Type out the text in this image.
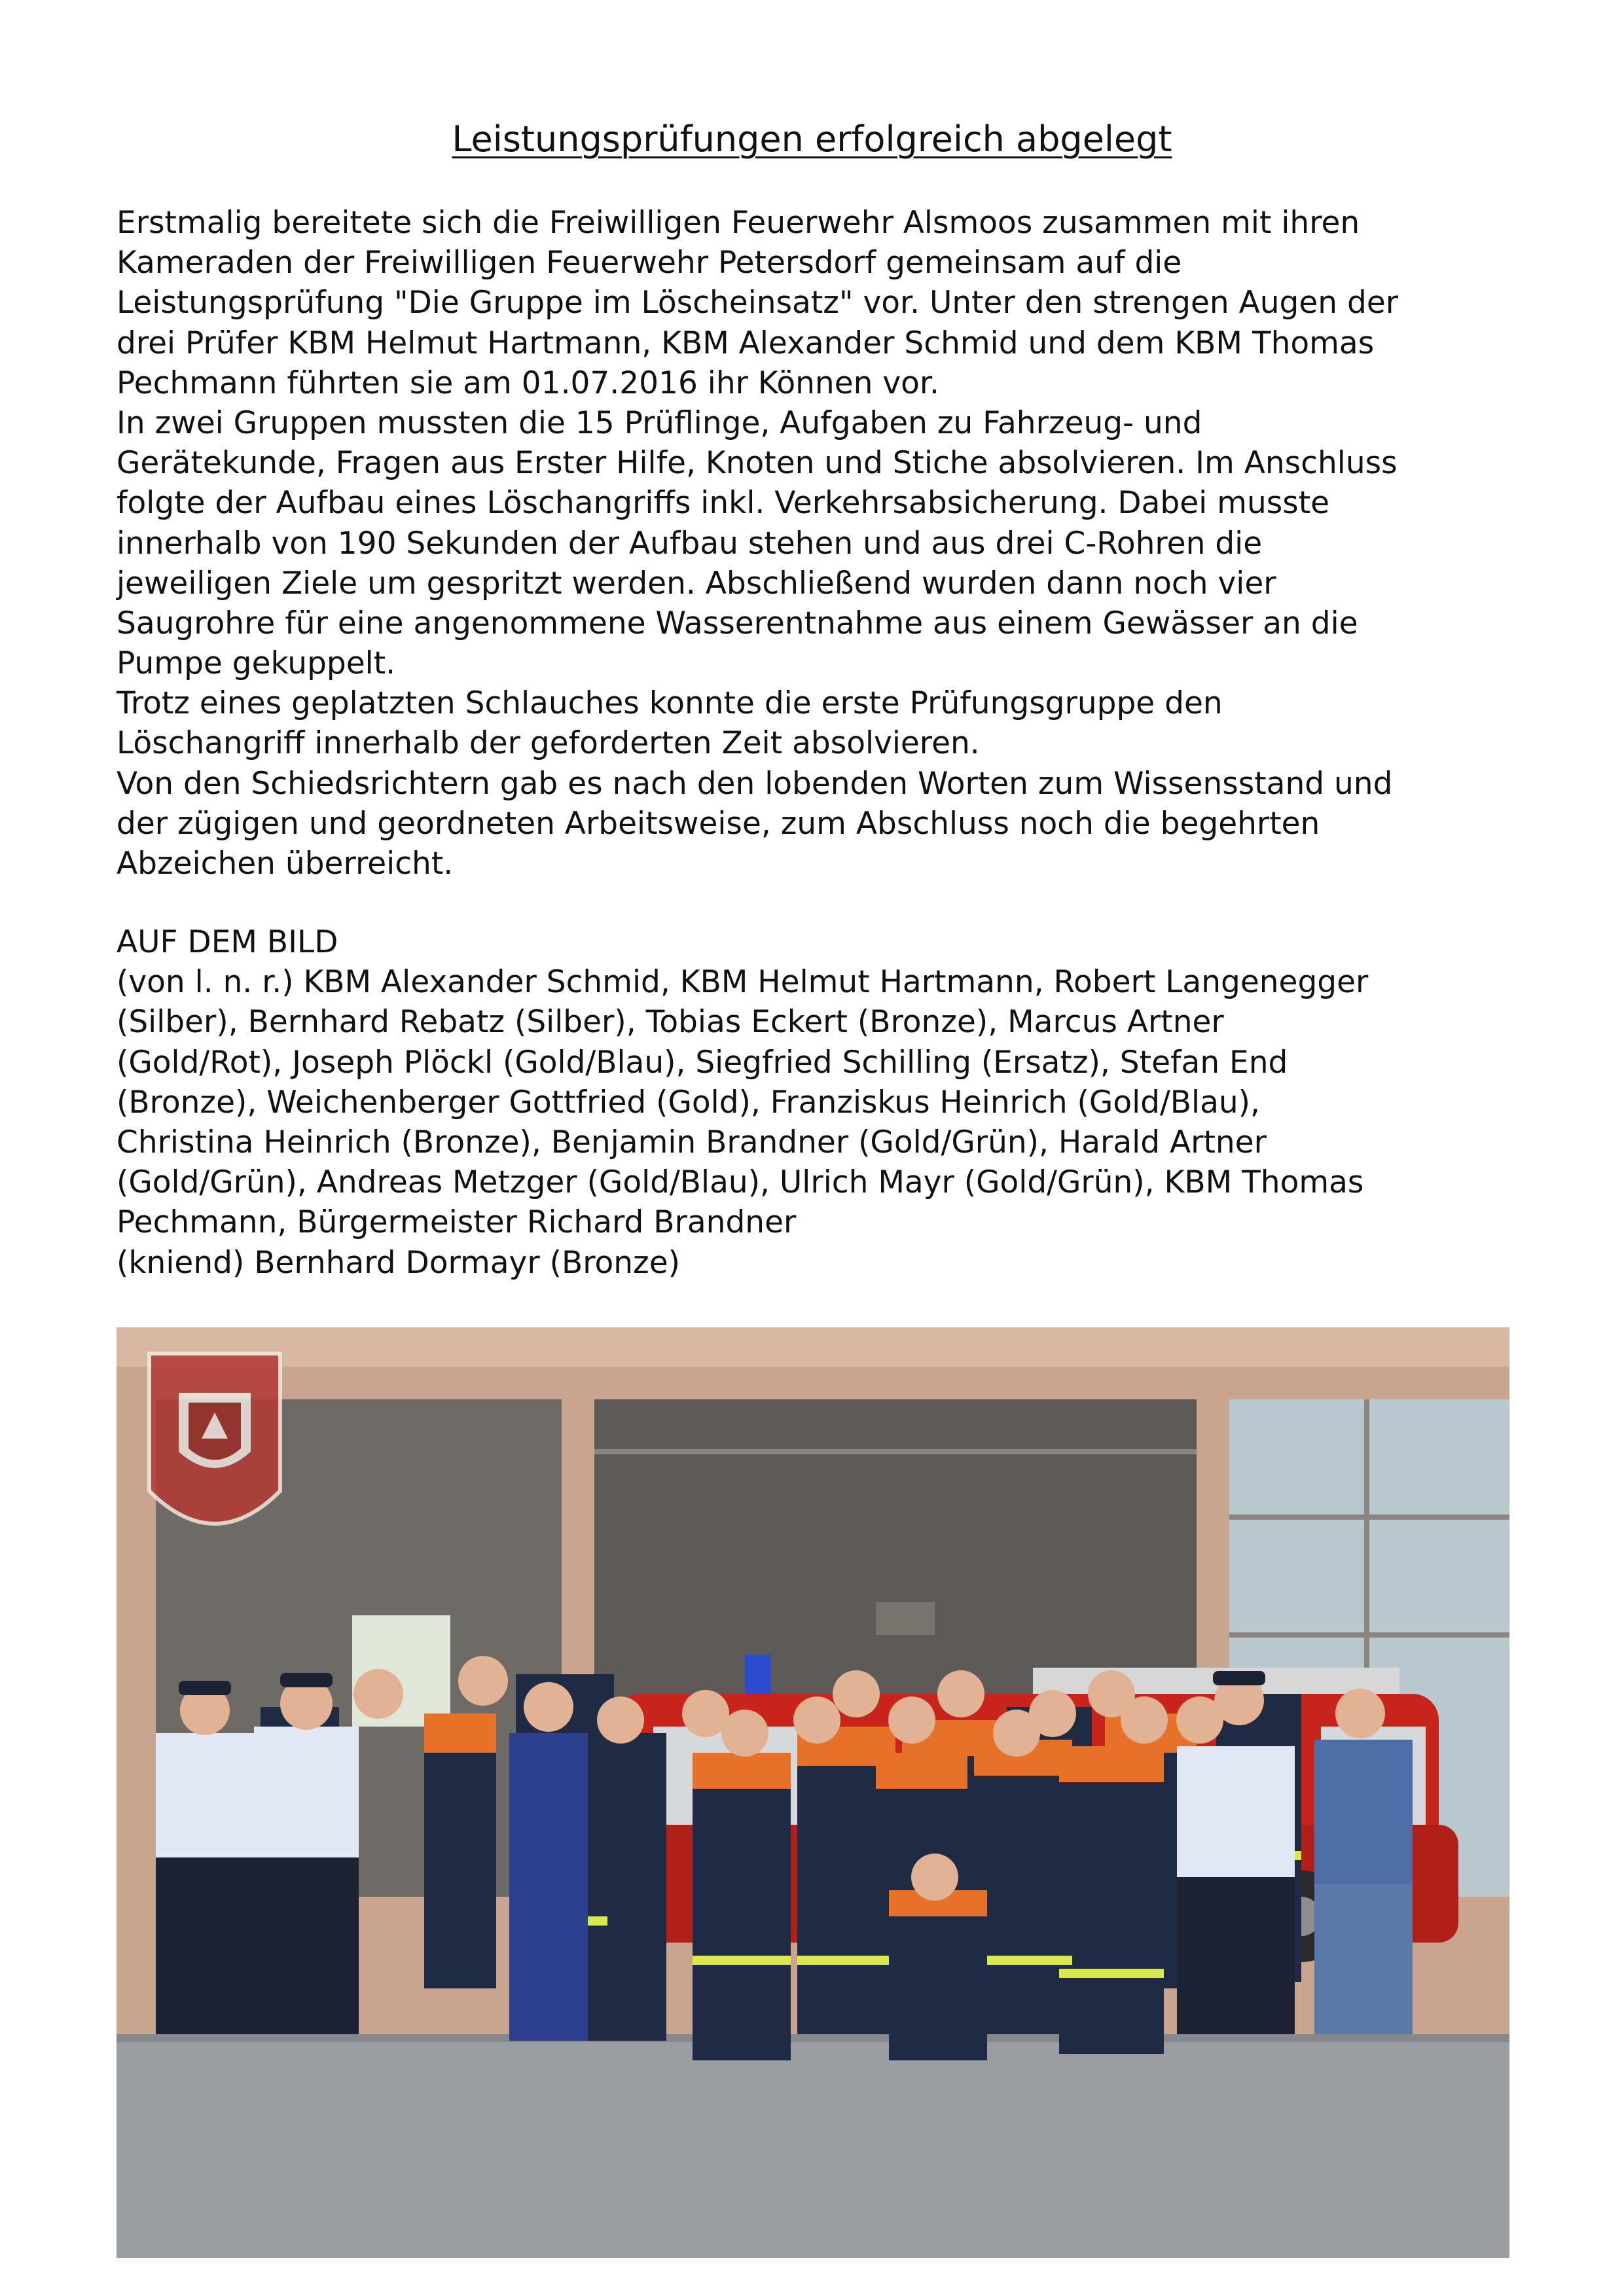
Leistungsprüfungen erfolgreich abgelegt
Erstmalig bereitete sich die Freiwilligen Feuerwehr Alsmoos zusammen mit ihren
Kameraden der Freiwilligen Feuerwehr Petersdorf gemeinsam auf die
Leistungsprüfung "Die Gruppe im Löscheinsatz" vor. Unter den strengen Augen der
drei Prüfer KBM Helmut Hartmann, KBM Alexander Schmid und dem KBM Thomas
Pechmann führten sie am 01.07.2016 ihr Können vor.
In zwei Gruppen mussten die 15 Prüflinge, Aufgaben zu Fahrzeug- und
Gerätekunde, Fragen aus Erster Hilfe, Knoten und Stiche absolvieren. Im Anschluss
folgte der Aufbau eines Löschangriffs inkl. Verkehrsabsicherung. Dabei musste
innerhalb von 190 Sekunden der Aufbau stehen und aus drei C-Rohren die
jeweiligen Ziele um gespritzt werden. Abschließend wurden dann noch vier
Saugrohre für eine angenommene Wasserentnahme aus einem Gewässer an die
Pumpe gekuppelt.
Trotz eines geplatzten Schlauches konnte die erste Prüfungsgruppe den
Löschangriff innerhalb der geforderten Zeit absolvieren.
Von den Schiedsrichtern gab es nach den lobenden Worten zum Wissensstand und
der zügigen und geordneten Arbeitsweise, zum Abschluss noch die begehrten
Abzeichen überreicht.
AUF DEM BILD
(von l. n. r.) KBM Alexander Schmid, KBM Helmut Hartmann, Robert Langenegger
(Silber), Bernhard Rebatz (Silber), Tobias Eckert (Bronze), Marcus Artner
(Gold/Rot), Joseph Plöckl (Gold/Blau), Siegfried Schilling (Ersatz), Stefan End
(Bronze), Weichenberger Gottfried (Gold), Franziskus Heinrich (Gold/Blau),
Christina Heinrich (Bronze), Benjamin Brandner (Gold/Grün), Harald Artner
(Gold/Grün), Andreas Metzger (Gold/Blau), Ulrich Mayr (Gold/Grün), KBM Thomas
Pechmann, Bürgermeister Richard Brandner
(kniend) Bernhard Dormayr (Bronze)
